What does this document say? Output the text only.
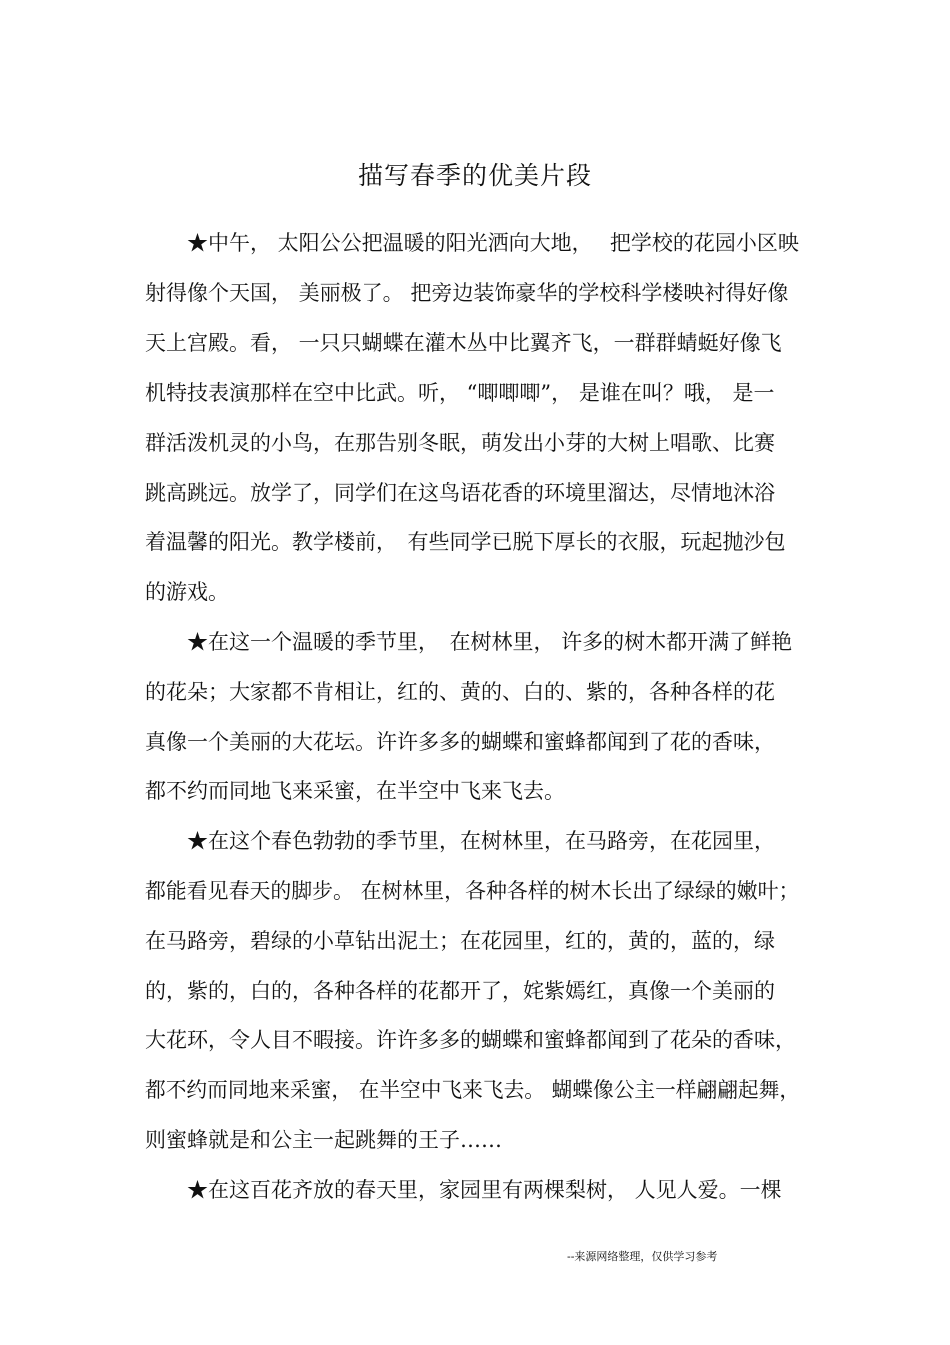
描写春季的优美片段
★中午， 太阳公公把温暖的阳光洒向大地，　 把学校的花园小区映
射得像个天国， 美丽极了。 把旁边装饰豪华的学校科学楼映衬得好像
天上宫殿。看， 一只只蝴蝶在灌木丛中比翼齐飞，一群群蜻蜓好像飞
机特技表演那样在空中比武。听， “唧唧唧”， 是谁在叫？哦， 是一
群活泼机灵的小鸟，在那告别冬眠，萌发出小芽的大树上唱歌、比赛
跳高跳远。放学了，同学们在这鸟语花香的环境里溜达，尽情地沐浴
着温馨的阳光。教学楼前，　有些同学已脱下厚长的衣服，玩起抛沙包
的游戏。
★在这一个温暖的季节里，　在树林里， 许多的树木都开满了鲜艳
的花朵；大家都不肯相让，红的、黄的、白的、紫的，各种各样的花
真像一个美丽的大花坛。许许多多的蝴蝶和蜜蜂都闻到了花的香味，
都不约而同地飞来采蜜，在半空中飞来飞去。
★在这个春色勃勃的季节里，在树林里，在马路旁，在花园里，
都能看见春天的脚步。 在树林里，各种各样的树木长出了绿绿的嫩叶；
在马路旁，碧绿的小草钻出泥土；在花园里，红的，黄的，蓝的，绿
的，紫的，白的，各种各样的花都开了，姹紫嫣红，真像一个美丽的
大花环，令人目不暇接。许许多多的蝴蝶和蜜蜂都闻到了花朵的香味，
都不约而同地来采蜜， 在半空中飞来飞去。 蝴蝶像公主一样翩翩起舞，
则蜜蜂就是和公主一起跳舞的王子……
★在这百花齐放的春天里，家园里有两棵梨树， 人见人爱。一棵
--来源网络整理，仅供学习参考
